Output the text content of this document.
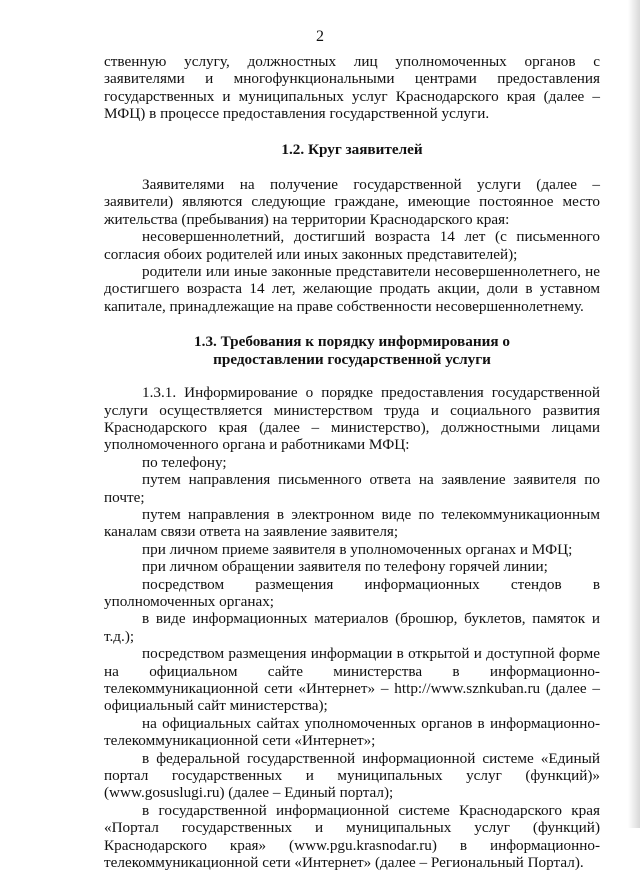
2

ственную услугу, должностных лиц уполномоченных органов с заявителями и многофункциональными центрами предоставления государственных и муниципальных услуг Краснодарского края (далее – МФЦ) в процессе предоставления государственной услуги.

1.2. Круг заявителей

Заявителями на получение государственной услуги (далее – заявители) являются следующие граждане, имеющие постоянное место жительства (пребывания) на территории Краснодарского края:

несовершеннолетний, достигший возраста 14 лет (с письменного согласия обоих родителей или иных законных представителей);

родители или иные законные представители несовершеннолетнего, не достигшего возраста 14 лет, желающие продать акции, доли в уставном капитале, принадлежащие на праве собственности несовершеннолетнему.

1.3. Требования к порядку информирования о предоставлении государственной услуги

1.3.1. Информирование о порядке предоставления государственной услуги осуществляется министерством труда и социального развития Краснодарского края (далее – министерство), должностными лицами уполномоченного органа и работниками МФЦ:

по телефону;

путем направления письменного ответа на заявление заявителя по почте;

путем направления в электронном виде по телекоммуникационным каналам связи ответа на заявление заявителя;

при личном приеме заявителя в уполномоченных органах и МФЦ;

при личном обращении заявителя по телефону горячей линии;

посредством размещения информационных стендов в уполномоченных органах;

в виде информационных материалов (брошюр, буклетов, памяток и т.д.);

посредством размещения информации в открытой и доступной форме на официальном сайте министерства в информационно-телекоммуникационной сети «Интернет» – http://www.sznkuban.ru (далее – официальный сайт министерства);

на официальных сайтах уполномоченных органов в информационно-телекоммуникационной сети «Интернет»;

в федеральной государственной информационной системе «Единый портал государственных и муниципальных услуг (функций)» (www.gosuslugi.ru) (далее – Единый портал);

в государственной информационной системе Краснодарского края «Портал государственных и муниципальных услуг (функций) Краснодарского края» (www.pgu.krasnodar.ru) в информационно-телекоммуникационной сети «Интернет» (далее – Региональный Портал).
